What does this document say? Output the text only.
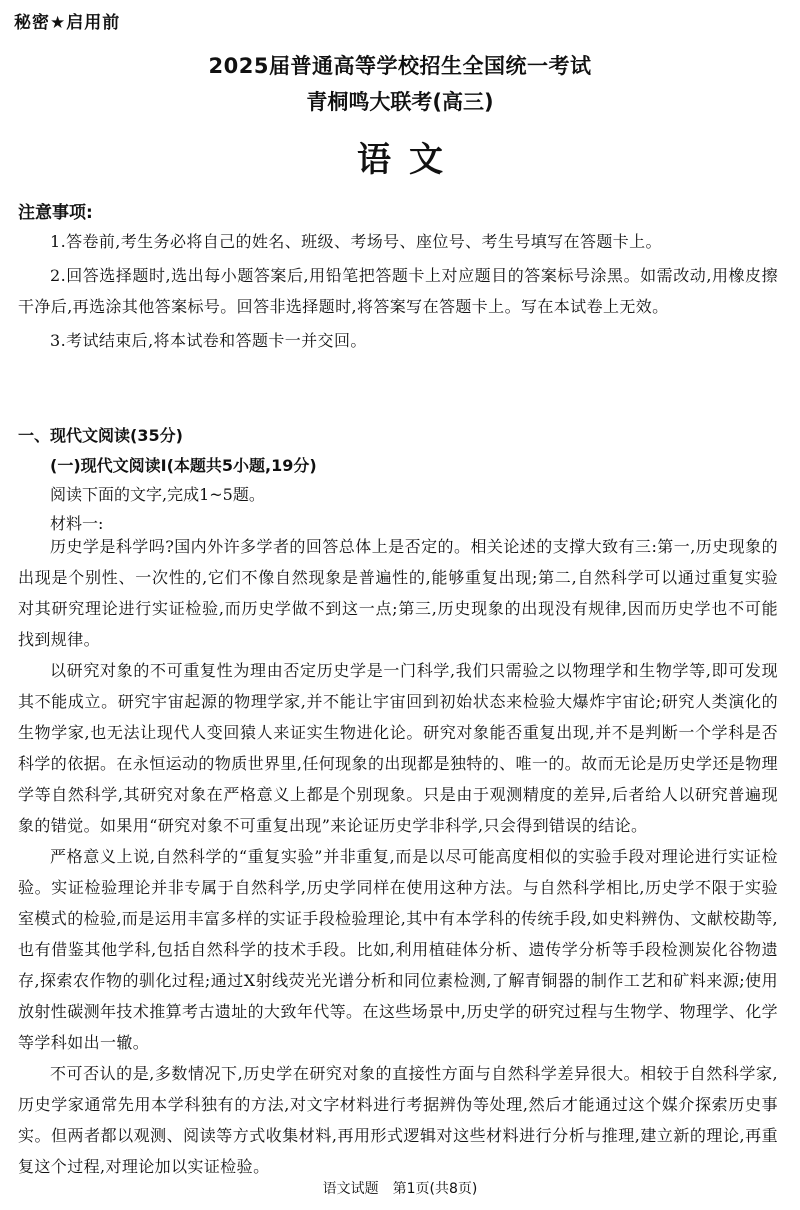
秘密★启用前
2025届普通高等学校招生全国统一考试
青桐鸣大联考(高三)
语文
注意事项:

1.答卷前,考生务必将自己的姓名、班级、考场号、座位号、考生号填写在答题卡上。

2.回答选择题时,选出每小题答案后,用铅笔把答题卡上对应题目的答案标号涂黑。如需改动,用橡皮擦干净后,再选涂其他答案标号。回答非选择题时,将答案写在答题卡上。写在本试卷上无效。

3.考试结束后,将本试卷和答题卡一并交回。

一、现代文阅读(35分)
(一)现代文阅读Ⅰ(本题共5小题,19分)
阅读下面的文字,完成1~5题。
材料一:

历史学是科学吗?国内外许多学者的回答总体上是否定的。相关论述的支撑大致有三:第一,历史现象的出现是个别性、一次性的,它们不像自然现象是普遍性的,能够重复出现;第二,自然科学可以通过重复实验对其研究理论进行实证检验,而历史学做不到这一点;第三,历史现象的出现没有规律,因而历史学也不可能找到规律。

以研究对象的不可重复性为理由否定历史学是一门科学,我们只需验之以物理学和生物学等,即可发现其不能成立。研究宇宙起源的物理学家,并不能让宇宙回到初始状态来检验大爆炸宇宙论;研究人类演化的生物学家,也无法让现代人变回猿人来证实生物进化论。研究对象能否重复出现,并不是判断一个学科是否科学的依据。在永恒运动的物质世界里,任何现象的出现都是独特的、唯一的。故而无论是历史学还是物理学等自然科学,其研究对象在严格意义上都是个别现象。只是由于观测精度的差异,后者给人以研究普遍现象的错觉。如果用“研究对象不可重复出现”来论证历史学非科学,只会得到错误的结论。

严格意义上说,自然科学的“重复实验”并非重复,而是以尽可能高度相似的实验手段对理论进行实证检验。实证检验理论并非专属于自然科学,历史学同样在使用这种方法。与自然科学相比,历史学不限于实验室模式的检验,而是运用丰富多样的实证手段检验理论,其中有本学科的传统手段,如史料辨伪、文献校勘等,也有借鉴其他学科,包括自然科学的技术手段。比如,利用植硅体分析、遗传学分析等手段检测炭化谷物遗存,探索农作物的驯化过程;通过X射线荧光光谱分析和同位素检测,了解青铜器的制作工艺和矿料来源;使用放射性碳测年技术推算考古遗址的大致年代等。在这些场景中,历史学的研究过程与生物学、物理学、化学等学科如出一辙。

不可否认的是,多数情况下,历史学在研究对象的直接性方面与自然科学差异很大。相较于自然科学家,历史学家通常先用本学科独有的方法,对文字材料进行考据辨伪等处理,然后才能通过这个媒介探索历史事实。但两者都以观测、阅读等方式收集材料,再用形式逻辑对这些材料进行分析与推理,建立新的理论,再重复这个过程,对理论加以实证检验。

语文试题 第1页(共8页)
